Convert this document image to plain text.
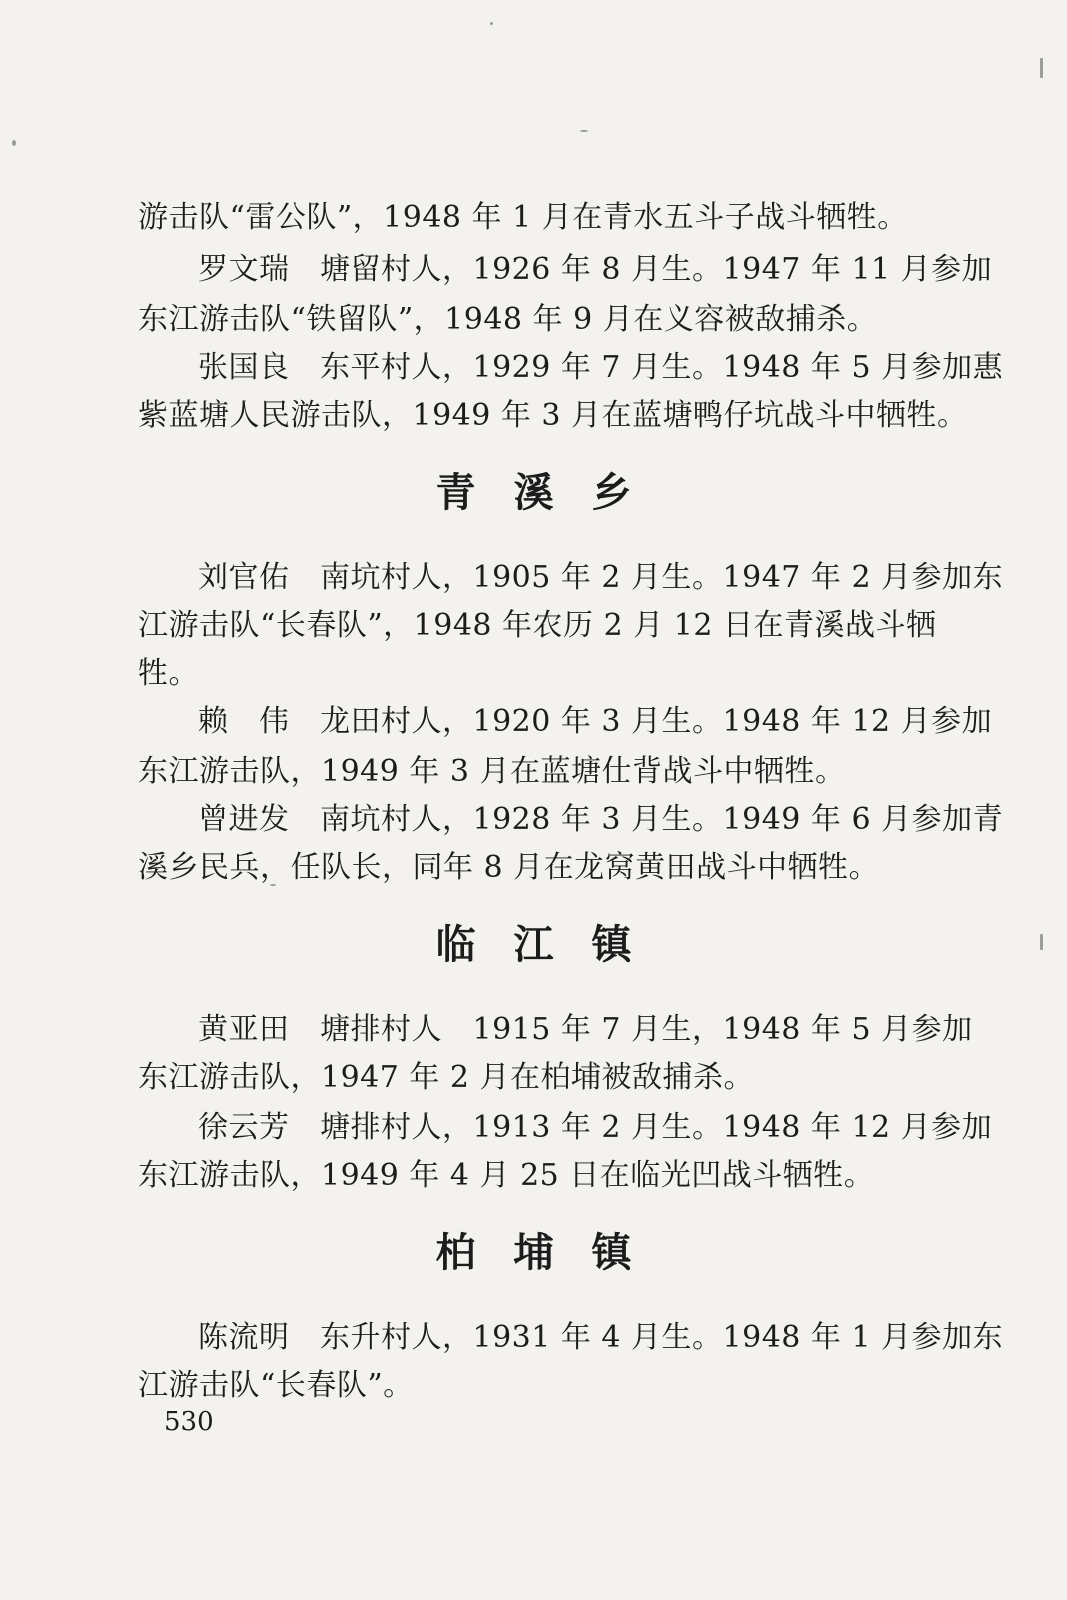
游击队“雷公队”，1948 年 1 月在青水五斗子战斗牺牲。
罗文瑞　 塘留村人，1926 年 8 月生。1947 年 11 月参加
东江游击队“铁留队”，1948 年 9 月在义容被敌捕杀。
张国良　 东平村人，1929 年 7 月生。1948 年 5 月参加惠
紫蓝塘人民游击队，1949 年 3 月在蓝塘鸭仔坑战斗中牺牲。
青溪乡
刘官佑　 南坑村人，1905 年 2 月生。1947 年 2 月参加东
江游击队“长春队”，1948 年农历 2 月 12 日在青溪战斗牺
牲。
赖　伟　 龙田村人，1920 年 3 月生。1948 年 12 月参加
东江游击队，1949 年 3 月在蓝塘仕背战斗中牺牲。
曾进发　 南坑村人，1928 年 3 月生。1949 年 6 月参加青
溪乡民兵，任队长，同年 8 月在龙窝黄田战斗中牺牲。
临江镇
黄亚田　 塘排村人　1915 年 7 月生，1948 年 5 月参加
东江游击队，1947 年 2 月在柏埔被敌捕杀。
徐云芳　 塘排村人，1913 年 2 月生。1948 年 12 月参加
东江游击队，1949 年 4 月 25 日在临光凹战斗牺牲。
柏埔镇
陈流明　 东升村人，1931 年 4 月生。1948 年 1 月参加东
江游击队“长春队”。
530
